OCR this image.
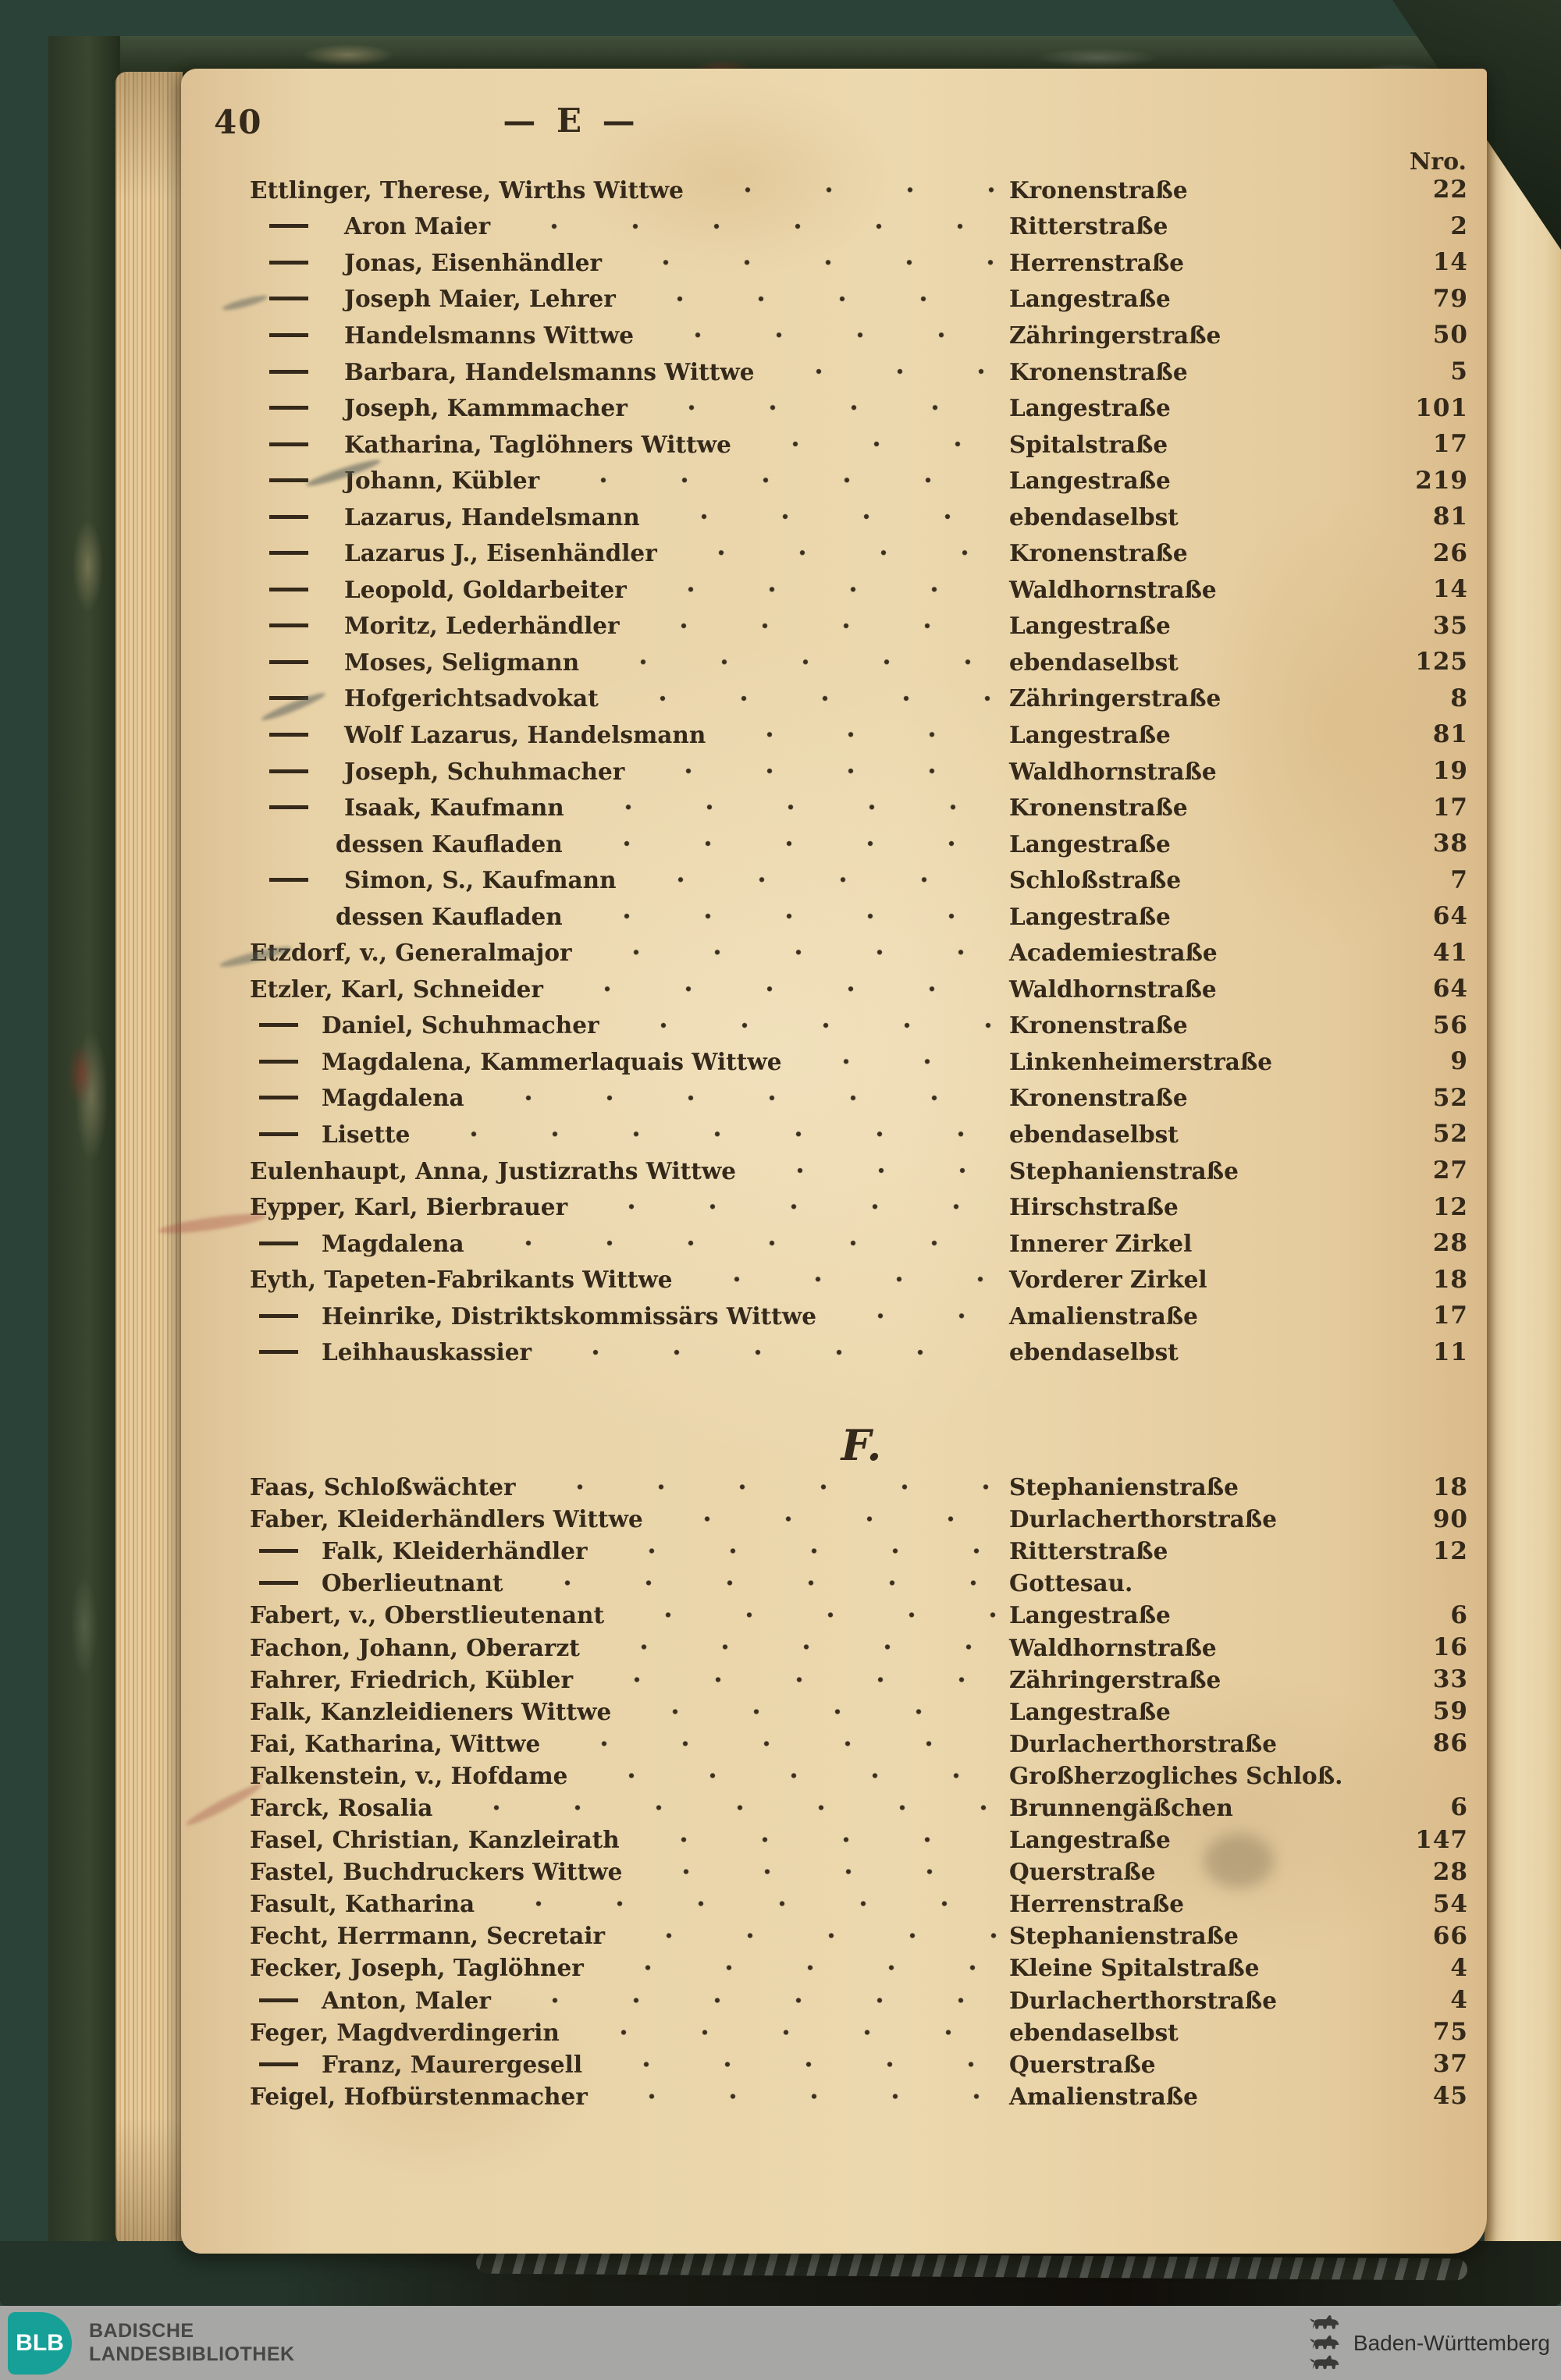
40	— E —
Nro.
Ettlinger, Therese, Wirths Wittwe	Kronenstraße	22
Aron Maier	Ritterstraße	2
Jonas, Eisenhändler	Herrenstraße	14
Joseph Maier, Lehrer	Langestraße	79
Handelsmanns Wittwe	Zähringerstraße	50
Barbara, Handelsmanns Wittwe	Kronenstraße	5
Joseph, Kammmacher	Langestraße	101
Katharina, Taglöhners Wittwe	Spitalstraße	17
Johann, Kübler	Langestraße	219
Lazarus, Handelsmann	ebendaselbst	81
Lazarus J., Eisenhändler	Kronenstraße	26
Leopold, Goldarbeiter	Waldhornstraße	14
Moritz, Lederhändler	Langestraße	35
Moses, Seligmann	ebendaselbst	125
Hofgerichtsadvokat	Zähringerstraße	8
Wolf Lazarus, Handelsmann	Langestraße	81
Joseph, Schuhmacher	Waldhornstraße	19
Isaak, Kaufmann	Kronenstraße	17
dessen Kaufladen	Langestraße	38
Simon, S., Kaufmann	Schloßstraße	7
dessen Kaufladen	Langestraße	64
Etzdorf, v., Generalmajor	Academiestraße	41
Etzler, Karl, Schneider	Waldhornstraße	64
Daniel, Schuhmacher	Kronenstraße	56
Magdalena, Kammerlaquais Wittwe	Linkenheimerstraße	9
Magdalena	Kronenstraße	52
Lisette	ebendaselbst	52
Eulenhaupt, Anna, Justizraths Wittwe	Stephanienstraße	27
Eypper, Karl, Bierbrauer	Hirschstraße	12
Magdalena	Innerer Zirkel	28
Eyth, Tapeten-Fabrikants Wittwe	Vorderer Zirkel	18
Heinrike, Distriktskommissärs Wittwe	Amalienstraße	17
Leihhauskassier	ebendaselbst	11
F.
Faas, Schloßwächter	Stephanienstraße	18
Faber, Kleiderhändlers Wittwe	Durlacherthorstraße	90
Falk, Kleiderhändler	Ritterstraße	12
Oberlieutnant	Gottesau.
Fabert, v., Oberstlieutenant	Langestraße	6
Fachon, Johann, Oberarzt	Waldhornstraße	16
Fahrer, Friedrich, Kübler	Zähringerstraße	33
Falk, Kanzleidieners Wittwe	Langestraße	59
Fai, Katharina, Wittwe	Durlacherthorstraße	86
Falkenstein, v., Hofdame	Großherzogliches Schloß.
Farck, Rosalia	Brunnengäßchen	6
Fasel, Christian, Kanzleirath	Langestraße	147
Fastel, Buchdruckers Wittwe	Querstraße	28
Fasult, Katharina	Herrenstraße	54
Fecht, Herrmann, Secretair	Stephanienstraße	66
Fecker, Joseph, Taglöhner	Kleine Spitalstraße	4
Anton, Maler	Durlacherthorstraße	4
Feger, Magdverdingerin	ebendaselbst	75
Franz, Maurergesell	Querstraße	37
Feigel, Hofbürstenmacher	Amalienstraße	45
BLB BADISCHE
LANDESBIBLIOTHEK	Baden-Württemberg
